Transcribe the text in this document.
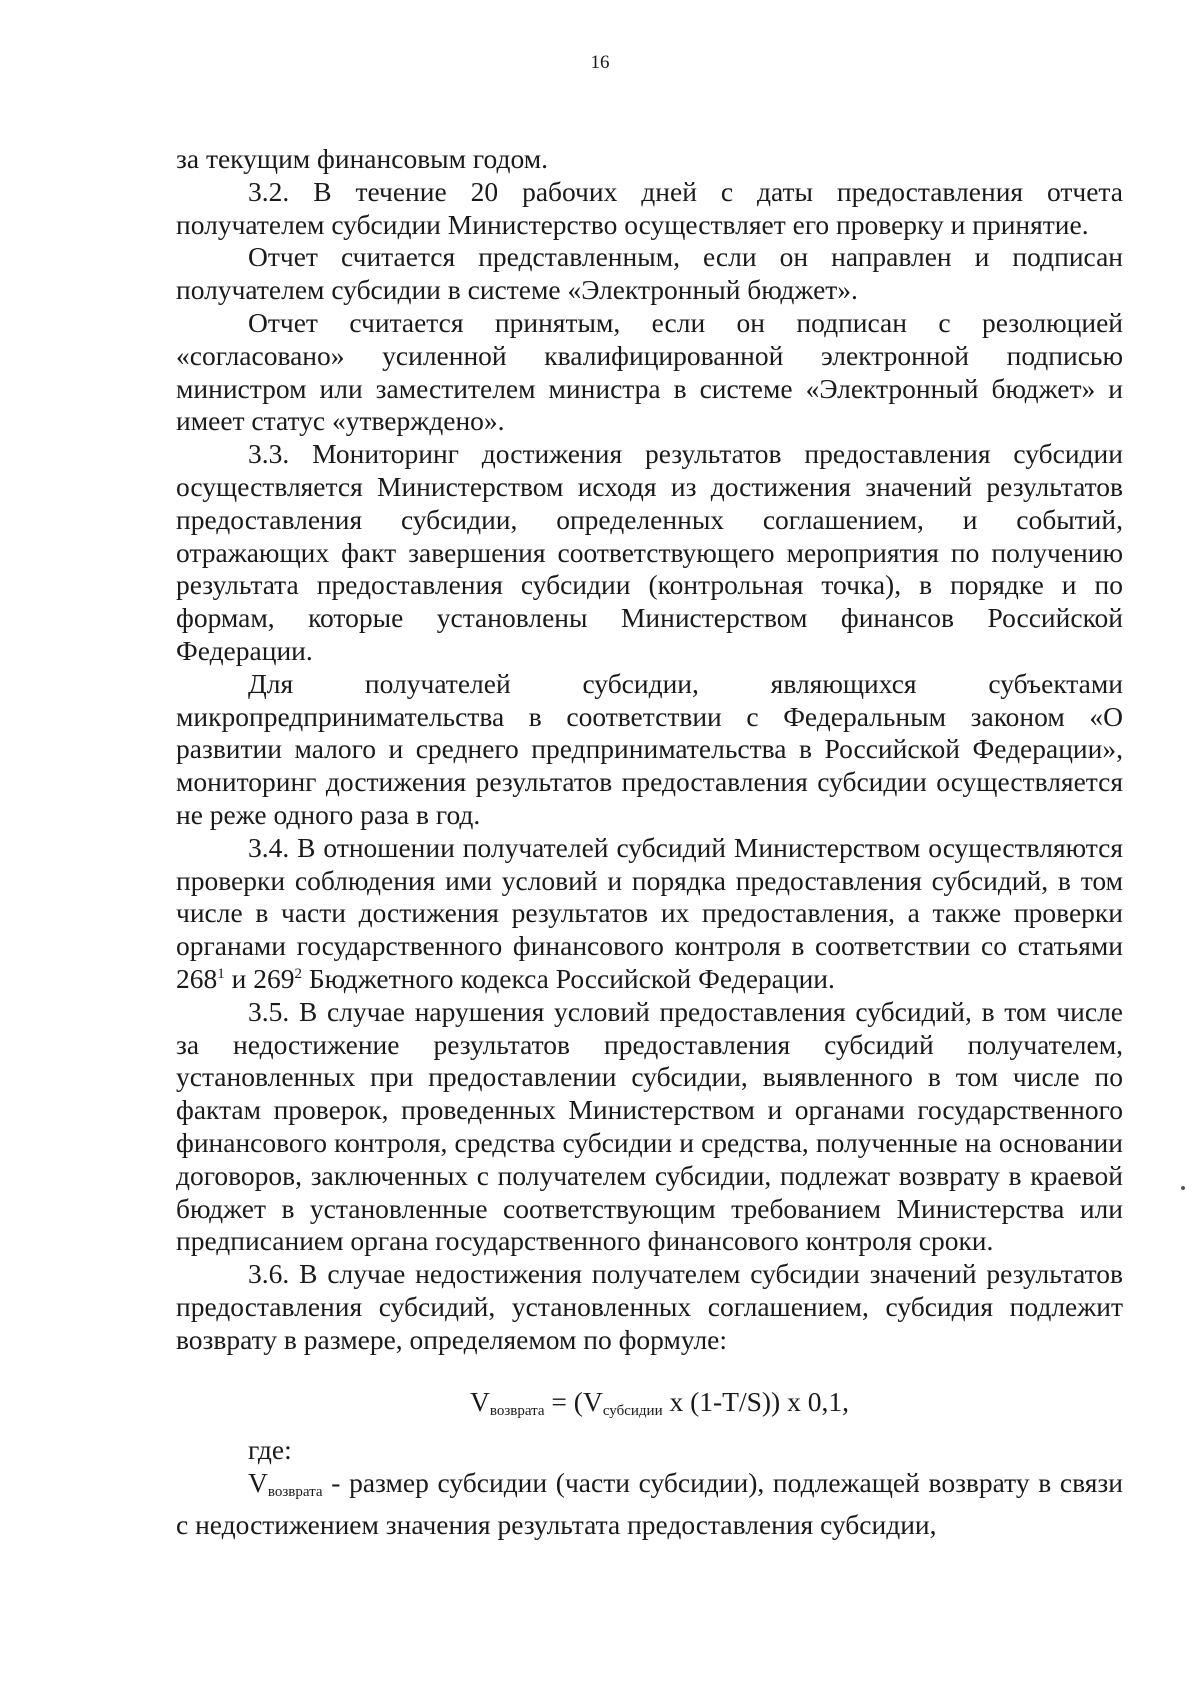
16

за текущим финансовым годом.

3.2. В течение 20 рабочих дней с даты предоставления отчета получателем субсидии Министерство осуществляет его проверку и принятие.

Отчет считается представленным, если он направлен и подписан получателем субсидии в системе «Электронный бюджет».

Отчет считается принятым, если он подписан с резолюцией «согласовано» усиленной квалифицированной электронной подписью министром или заместителем министра в системе «Электронный бюджет» и имеет статус «утверждено».

3.3. Мониторинг достижения результатов предоставления субсидии осуществляется Министерством исходя из достижения значений результатов предоставления субсидии, определенных соглашением, и событий, отражающих факт завершения соответствующего мероприятия по получению результата предоставления субсидии (контрольная точка), в порядке и по формам, которые установлены Министерством финансов Российской Федерации.

Для получателей субсидии, являющихся субъектами микропредпринимательства в соответствии с Федеральным законом «О развитии малого и среднего предпринимательства в Российской Федерации», мониторинг достижения результатов предоставления субсидии осуществляется не реже одного раза в год.

3.4. В отношении получателей субсидий Министерством осуществляются проверки соблюдения ими условий и порядка предоставления субсидий, в том числе в части достижения результатов их предоставления, а также проверки органами государственного финансового контроля в соответствии со статьями $268^1$ и $269^2$ Бюджетного кодекса Российской Федерации.

3.5. В случае нарушения условий предоставления субсидий, в том числе за недостижение результатов предоставления субсидий получателем, установленных при предоставлении субсидии, выявленного в том числе по фактам проверок, проведенных Министерством и органами государственного финансового контроля, средства субсидии и средства, полученные на основании договоров, заключенных с получателем субсидии, подлежат возврату в краевой бюджет в установленные соответствующим требованием Министерства или предписанием органа государственного финансового контроля сроки.

3.6. В случае недостижения получателем субсидии значений результатов предоставления субсидий, установленных соглашением, субсидия подлежит возврату в размере, определяемом по формуле:

$V_{возврата} = (V_{субсидии}$ x (1-T/S)) x 0,1,

где:

$V_{возврата}$ - размер субсидии (части субсидии), подлежащей возврату в связи с недостижением значения результата предоставления субсидии,
